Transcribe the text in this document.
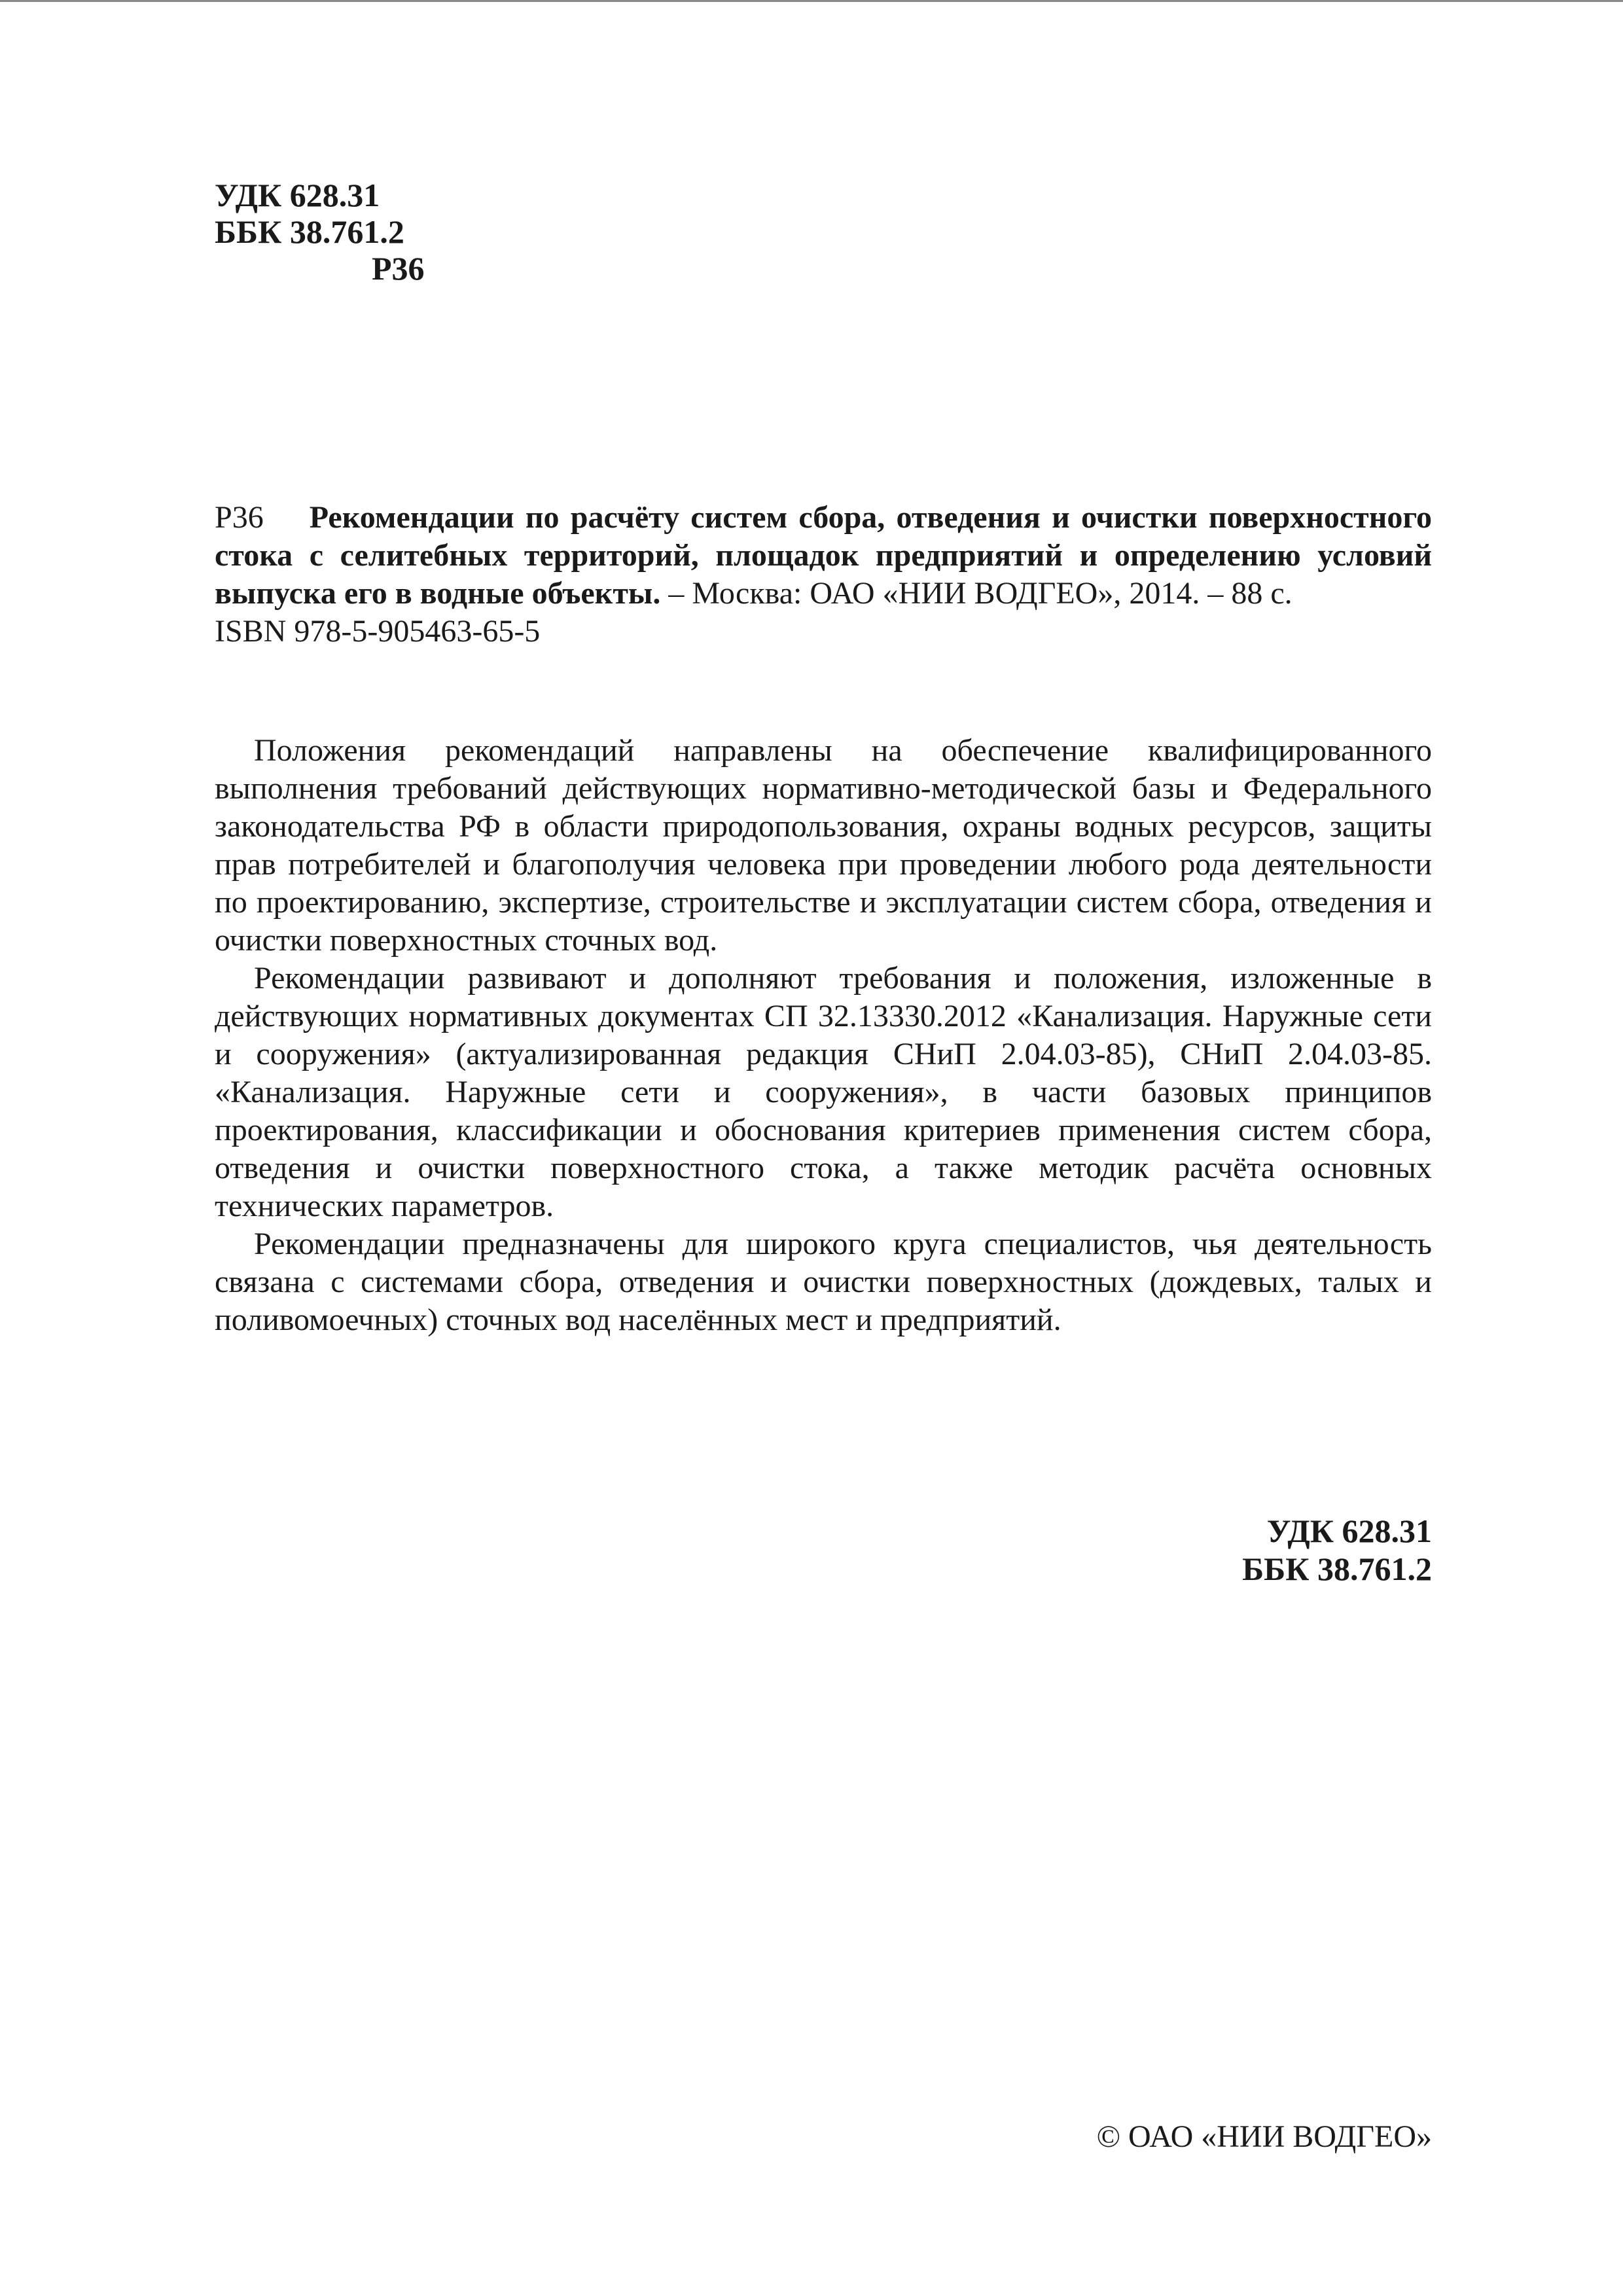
УДК 628.31
ББК 38.761.2
Р36
Р36 Рекомендации по расчёту систем сбора, отведения и очистки поверхностного стока с селитебных территорий, площадок предприятий и определению условий выпуска его в водные объекты. – Москва: ОАО «НИИ ВОДГЕО», 2014. – 88 с.
ISBN 978-5-905463-65-5

Положения рекомендаций направлены на обеспечение квалифицированного выполнения требований действующих нормативно-методической базы и Федерального законодательства РФ в области природопользования, охраны водных ресурсов, защиты прав потребителей и благополучия человека при проведении любого рода деятельности по проектированию, экспертизе, строительстве и эксплуатации систем сбора, отведения и очистки поверхностных сточных вод.

Рекомендации развивают и дополняют требования и положения, изложенные в действующих нормативных документах СП 32.13330.2012 «Канализация. Наружные сети и сооружения» (актуализированная редакция СНиП 2.04.03-85), СНиП 2.04.03-85. «Канализация. Наружные сети и сооружения», в части базовых принципов проектирования, классификации и обоснования критериев применения систем сбора, отведения и очистки поверхностного стока, а также методик расчёта основных технических параметров.

Рекомендации предназначены для широкого круга специалистов, чья деятельность связана с системами сбора, отведения и очистки поверхностных (дождевых, талых и поливомоечных) сточных вод населённых мест и предприятий.

УДК 628.31
ББК 38.761.2
© ОАО «НИИ ВОДГЕО»
